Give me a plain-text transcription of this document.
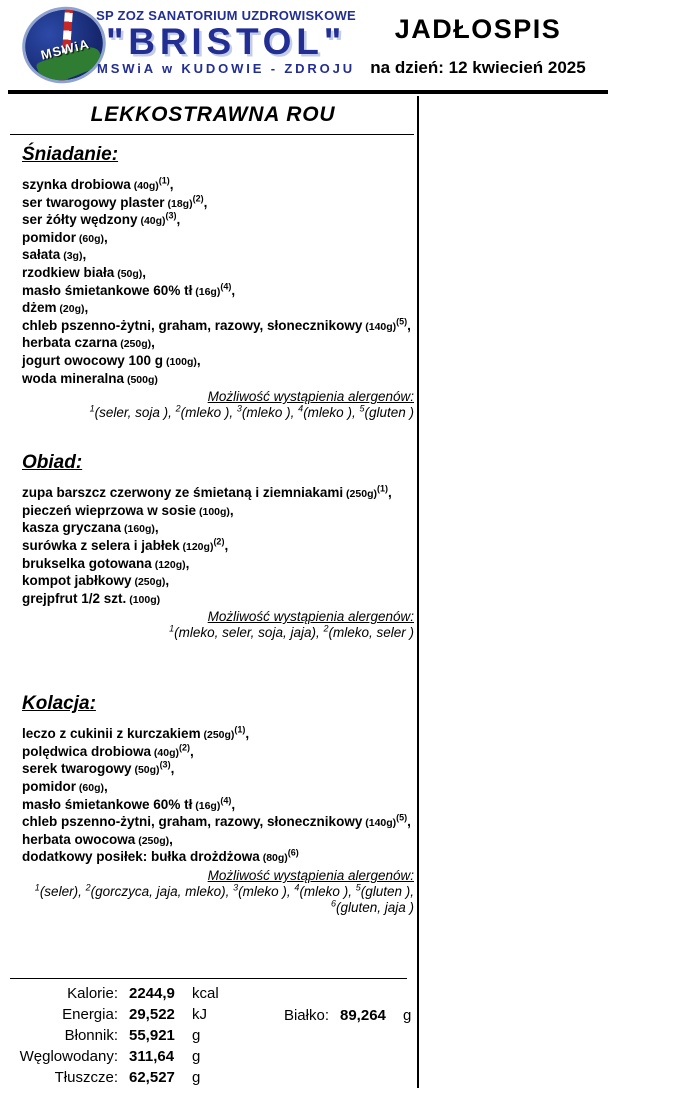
MSWiA
SP ZOZ SANATORIUM UZDROWISKOWE
"BRISTOL"
MSWiA w KUDOWIE - ZDROJU
JADŁOSPIS
na dzień: 12 kwiecień 2025
LEKKOSTRAWNA ROU
Śniadanie:
szynka drobiowa (40g)$^{(1)}$,
ser twarogowy plaster (18g)$^{(2)}$,
ser żółty wędzony (40g)$^{(3)}$,
pomidor (60g),
sałata (3g),
rzodkiew biała (50g),
masło śmietankowe 60% tł (16g)$^{(4)}$,
dżem (20g),
chleb pszenno-żytni, graham, razowy, słonecznikowy (140g)$^{(5)}$,
herbata czarna (250g),
jogurt owocowy 100 g (100g),
woda mineralna (500g)
Możliwość wystąpienia alergenów:
$^1$(seler, soja ), $^2$(mleko ), $^3$(mleko ), $^4$(mleko ), $^5$(gluten )
Obiad:
zupa barszcz czerwony ze śmietaną i ziemniakami (250g)$^{(1)}$,
pieczeń wieprzowa w sosie (100g),
kasza gryczana (160g),
surówka z selera i jabłek (120g)$^{(2)}$,
brukselka gotowana (120g),
kompot jabłkowy (250g),
grejpfrut 1/2 szt. (100g)
Możliwość wystąpienia alergenów:
$^1$(mleko, seler, soja, jaja), $^2$(mleko, seler )
Kolacja:
leczo z cukinii z kurczakiem (250g)$^{(1)}$,
polędwica drobiowa (40g)$^{(2)}$,
serek twarogowy (50g)$^{(3)}$,
pomidor (60g),
masło śmietankowe 60% tł (16g)$^{(4)}$,
chleb pszenno-żytni, graham, razowy, słonecznikowy (140g)$^{(5)}$,
herbata owocowa (250g),
dodatkowy posiłek: bułka drożdżowa (80g)$^{(6)}$
Możliwość wystąpienia alergenów:
$^1$(seler), $^2$(gorczyca, jaja, mleko), $^3$(mleko ), $^4$(mleko ), $^5$(gluten ),
$^6$(gluten, jaja )
Kalorie: 2244,9	kcal
Energia: 29,522	kJ
Błonnik: 55,921	g
Węglowodany: 311,64	g
Tłuszcze: 62,527	g
Białko: 89,264	g
